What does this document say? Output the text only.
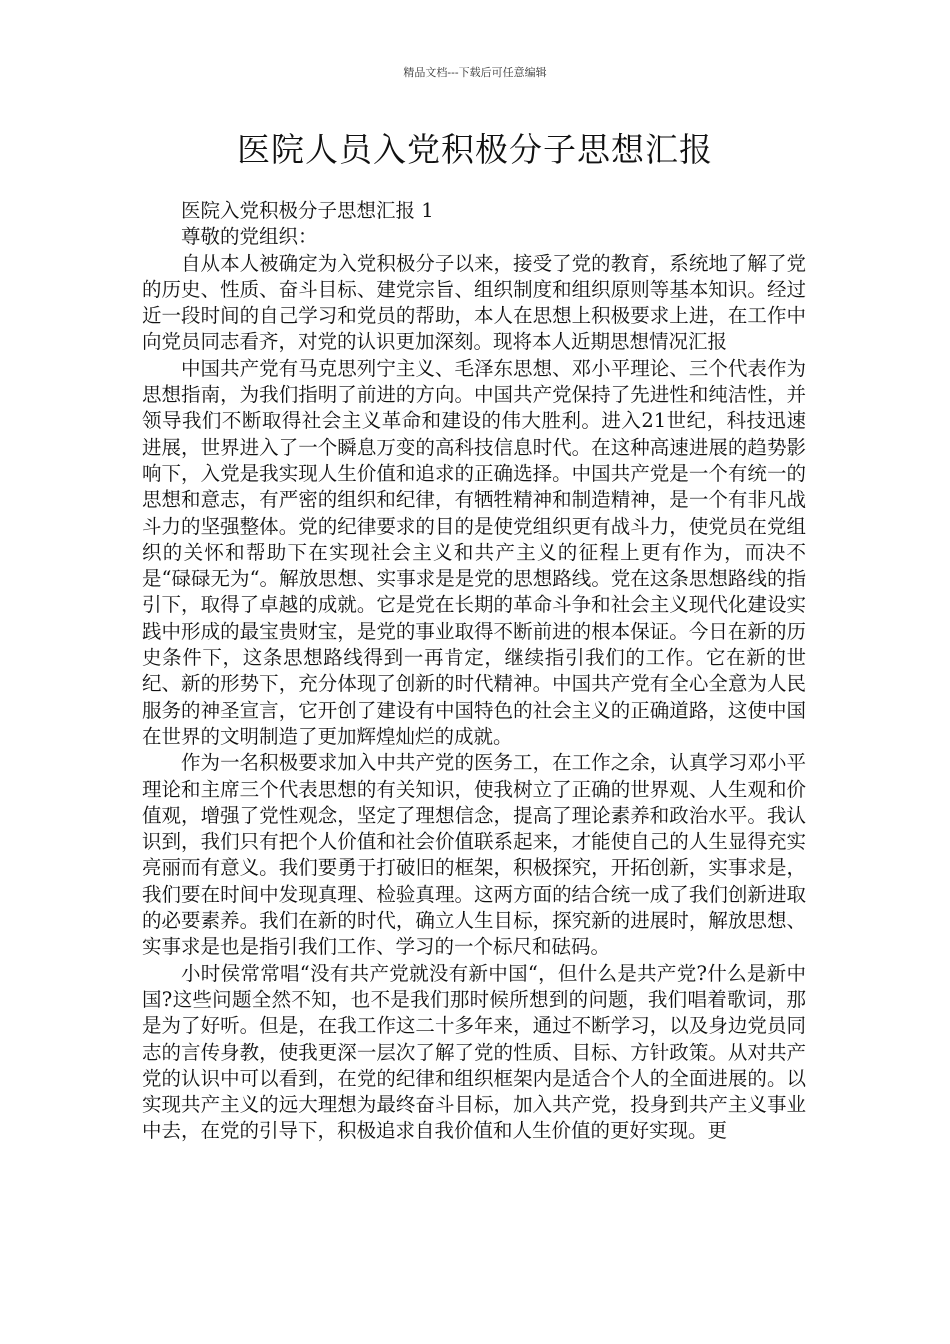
精品文档---下载后可任意编辑
医院人员入党积极分子思想汇报

医院入党积极分子思想汇报 1

尊敬的党组织：

自从本人被确定为入党积极分子以来，接受了党的教育，系统地了解了党的历史、性质、奋斗目标、建党宗旨、组织制度和组织原则等基本知识。经过近一段时间的自己学习和党员的帮助，本人在思想上积极要求上进，在工作中向党员同志看齐，对党的认识更加深刻。现将本人近期思想情况汇报

中国共产党有马克思列宁主义、毛泽东思想、邓小平理论、三个代表作为思想指南，为我们指明了前进的方向。中国共产党保持了先进性和纯洁性，并领导我们不断取得社会主义革命和建设的伟大胜利。进入21世纪，科技迅速进展，世界进入了一个瞬息万变的高科技信息时代。在这种高速进展的趋势影响下，入党是我实现人生价值和追求的正确选择。中国共产党是一个有统一的思想和意志，有严密的组织和纪律，有牺牲精神和制造精神，是一个有非凡战斗力的坚强整体。党的纪律要求的目的是使党组织更有战斗力，使党员在党组织的关怀和帮助下在实现社会主义和共产主义的征程上更有作为，而决不是“碌碌无为“。解放思想、实事求是是党的思想路线。党在这条思想路线的指引下，取得了卓越的成就。它是党在长期的革命斗争和社会主义现代化建设实践中形成的最宝贵财宝，是党的事业取得不断前进的根本保证。今日在新的历史条件下，这条思想路线得到一再肯定，继续指引我们的工作。它在新的世纪、新的形势下，充分体现了创新的时代精神。中国共产党有全心全意为人民服务的神圣宣言，它开创了建设有中国特色的社会主义的正确道路，这使中国在世界的文明制造了更加辉煌灿烂的成就。

作为一名积极要求加入中共产党的医务工，在工作之余，认真学习邓小平理论和主席三个代表思想的有关知识，使我树立了正确的世界观、人生观和价值观，增强了党性观念，坚定了理想信念，提高了理论素养和政治水平。我认识到，我们只有把个人价值和社会价值联系起来，才能使自己的人生显得充实亮丽而有意义。我们要勇于打破旧的框架，积极探究，开拓创新，实事求是，我们要在时间中发现真理、检验真理。这两方面的结合统一成了我们创新进取的必要素养。我们在新的时代，确立人生目标，探究新的进展时，解放思想、实事求是也是指引我们工作、学习的一个标尺和砝码。

小时侯常常唱“没有共产党就没有新中国“，但什么是共产党?什么是新中国?这些问题全然不知，也不是我们那时候所想到的问题，我们唱着歌词，那是为了好听。但是，在我工作这二十多年来，通过不断学习，以及身边党员同志的言传身教，使我更深一层次了解了党的性质、目标、方针政策。从对共产党的认识中可以看到，在党的纪律和组织框架内是适合个人的全面进展的。以实现共产主义的远大理想为最终奋斗目标，加入共产党，投身到共产主义事业中去，在党的引导下，积极追求自我价值和人生价值的更好实现。更
